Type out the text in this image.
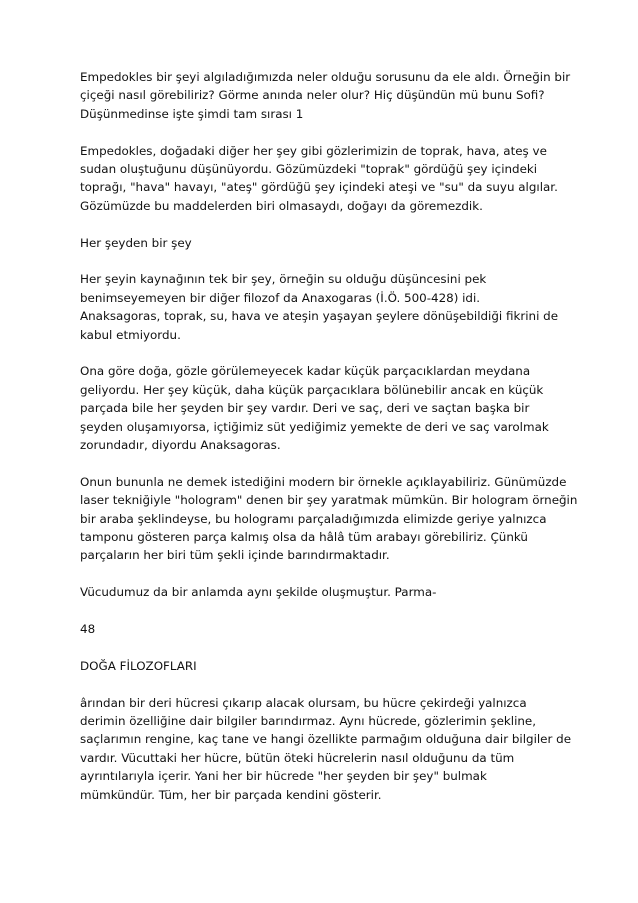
Empedokles bir şeyi algıladığımızda neler olduğu sorusunu da ele aldı. Örneğin bir
çiçeği nasıl görebiliriz? Görme anında neler olur? Hiç düşündün mü bunu Sofi?
Düşünmedinse işte şimdi tam sırası 1

Empedokles, doğadaki diğer her şey gibi gözlerimizin de toprak, hava, ateş ve
sudan oluştuğunu düşünüyordu. Gözümüzdeki "toprak" gördüğü şey içindeki
toprağı, "hava" havayı, "ateş" gördüğü şey içindeki ateşi ve "su" da suyu algılar.
Gözümüzde bu maddelerden biri olmasaydı, doğayı da göremezdik.

Her şeyden bir şey

Her şeyin kaynağının tek bir şey, örneğin su olduğu düşüncesini pek
benimseyemeyen bir diğer filozof da Anaxogaras (İ.Ö. 500-428) idi.
Anaksagoras, toprak, su, hava ve ateşin yaşayan şeylere dönüşebildiği fikrini de
kabul etmiyordu.

Ona göre doğa, gözle görülemeyecek kadar küçük parçacıklardan meydana
geliyordu. Her şey küçük, daha küçük parçacıklara bölünebilir ancak en küçük
parçada bile her şeyden bir şey vardır. Deri ve saç, deri ve saçtan başka bir
şeyden oluşamıyorsa, içtiğimiz süt yediğimiz yemekte de deri ve saç varolmak
zorundadır, diyordu Anaksagoras.

Onun bununla ne demek istediğini modern bir örnekle açıklayabiliriz. Günümüzde
laser tekniğiyle "hologram" denen bir şey yaratmak mümkün. Bir hologram örneğin
bir araba şeklindeyse, bu hologramı parçaladığımızda elimizde geriye yalnızca
tamponu gösteren parça kalmış olsa da hâlâ tüm arabayı görebiliriz. Çünkü
parçaların her biri tüm şekli içinde barındırmaktadır.

Vücudumuz da bir anlamda aynı şekilde oluşmuştur. Parma-

48

DOĞA FİLOZOFLARI

ârından bir deri hücresi çıkarıp alacak olursam, bu hücre çekirdeği yalnızca
derimin özelliğine dair bilgiler barındırmaz. Aynı hücrede, gözlerimin şekline,
saçlarımın rengine, kaç tane ve hangi özellikte parmağım olduğuna dair bilgiler de
vardır. Vücuttaki her hücre, bütün öteki hücrelerin nasıl olduğunu da tüm
ayrıntılarıyla içerir. Yani her bir hücrede "her şeyden bir şey" bulmak
mümkündür. Tüm, her bir parçada kendini gösterir.
